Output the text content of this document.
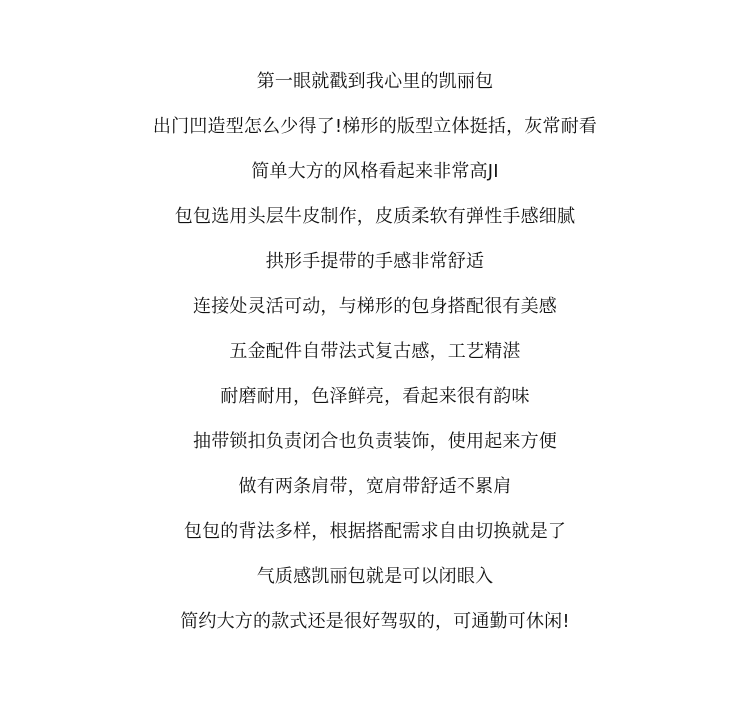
第一眼就戳到我心里的凯丽包
出门凹造型怎么少得了!梯形的版型立体挺括，灰常耐看
简单大方的风格看起来非常高JI
包包选用头层牛皮制作，皮质柔软有弹性手感细腻
拱形手提带的手感非常舒适
连接处灵活可动，与梯形的包身搭配很有美感
五金配件自带法式复古感，工艺精湛
耐磨耐用，色泽鲜亮，看起来很有韵味
抽带锁扣负责闭合也负责装饰，使用起来方便
做有两条肩带，宽肩带舒适不累肩
包包的背法多样，根据搭配需求自由切换就是了
气质感凯丽包就是可以闭眼入
简约大方的款式还是很好驾驭的，可通勤可休闲!
